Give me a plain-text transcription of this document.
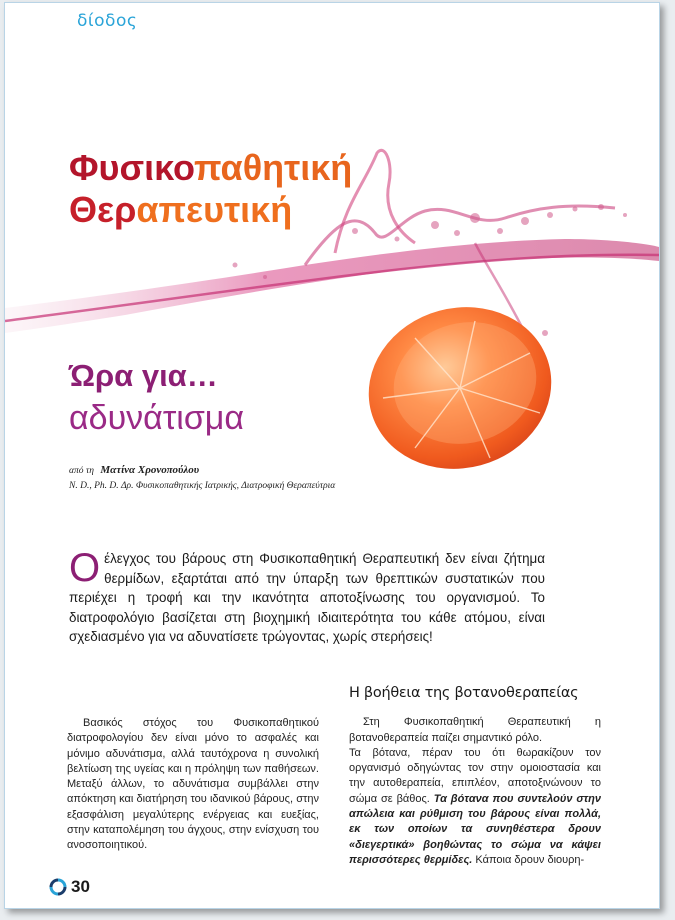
δίοδος
Φυσικοπαθητική
Θεραπευτική
Ώρα για…
αδυνάτισμα
από τη Ματίνα Χρονοπούλου
N. D., Ph. D. Δρ. Φυσικοπαθητικής Ιατρικής, Διατροφική Θεραπεύτρια
Ο έλεγχος του βάρους στη Φυσικοπαθητική Θεραπευτική δεν είναι ζήτημα θερμίδων, εξαρτάται από την ύπαρξη των θρεπτικών συστατικών που περιέχει η τροφή και την ικανότητα αποτοξίνωσης του οργανισμού. Το διατροφολόγιο βασίζεται στη βιοχημική ιδιαιτερότητα του κάθε ατόμου, είναι σχεδιασμένο για να αδυνατίσετε τρώγοντας, χωρίς στερήσεις!
Βασικός στόχος του Φυσικοπαθητικού διατροφολογίου δεν είναι μόνο το ασφαλές και μόνιμο αδυνάτισμα, αλλά ταυτόχρονα η συνολική βελτίωση της υγείας και η πρόληψη των παθήσεων. Μεταξύ άλλων, το αδυνάτισμα συμβάλλει στην απόκτηση και διατήρηση του ιδανικού βάρους, στην εξασφάλιση μεγαλύτερης ενέργειας και ευεξίας, στην καταπολέμηση του άγχους, στην ενίσχυση του ανοσοποιητικού.
Η βοήθεια της βοτανοθεραπείας

Στη Φυσικοπαθητική Θεραπευτική η βοτανοθεραπεία παίζει σημαντικό ρόλο.

Τα βότανα, πέραν του ότι θωρακίζουν τον οργανισμό οδηγώντας τον στην ομοιοστασία και την αυτοθεραπεία, επιπλέον, αποτοξινώνουν το σώμα σε βάθος. Τα βότανα που συντελούν στην απώλεια και ρύθμιση του βάρους είναι πολλά, εκ των οποίων τα συνηθέστερα δρουν «διεγερτικά» βοηθώντας το σώμα να κάψει περισσότερες θερμίδες. Κάποια δρουν διουρη-

30
